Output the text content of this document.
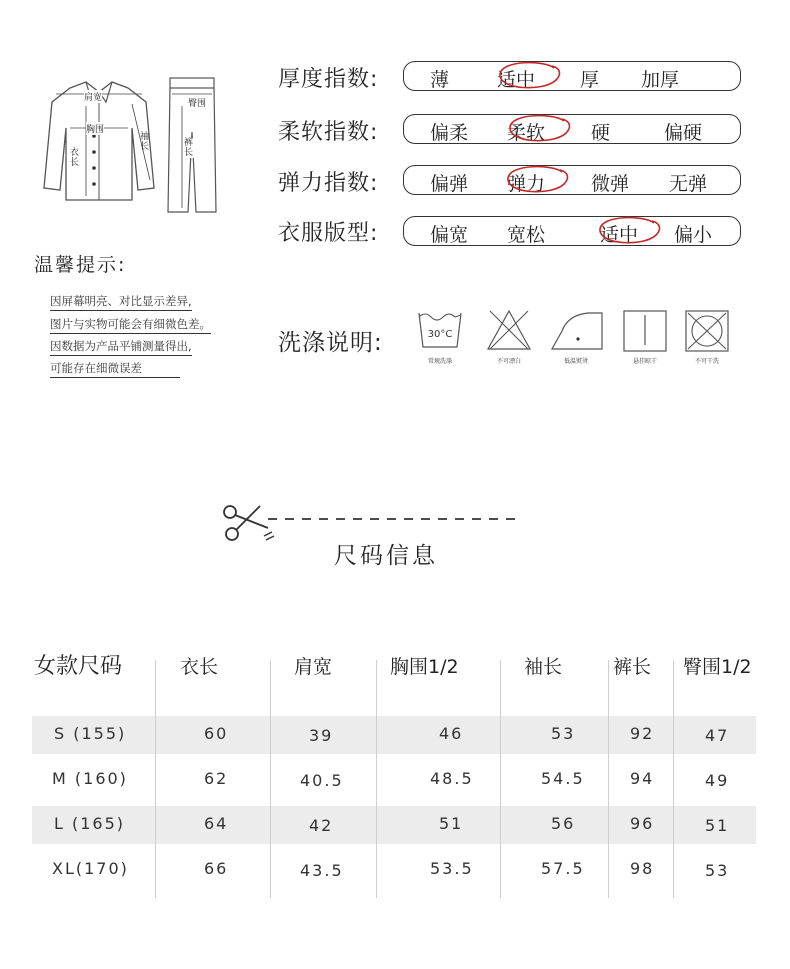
肩宽
胸围
衣长
袖长
臀围
裤长
厚度指数:	薄	适中 厚 加厚
柔软指数:	偏柔 柔软 硬	偏硬
弹力指数:	偏弹 弹力 微弹 无弹
衣服版型:	偏宽 宽松	适中 偏小
温馨提示:
因屏幕明亮、对比显示差异,
图片与实物可能会有细微色差。
因数据为产品平铺测量得出,
可能存在细微误差
洗涤说明:	30°C
常规洗涤	不可漂白	低温熨烫	悬挂晾干	不可干洗
尺码信息
女款尺码	衣长	肩宽	胸围1/2	袖长	裤长 臀围1/2
S (155)	60	39	46	53	92	47
M (160)	62	40.5	48.5	54.5	94	49
L (165)	64	42	51	56	96	51
XL(170)	66	43.5	53.5	57.5	98	53
